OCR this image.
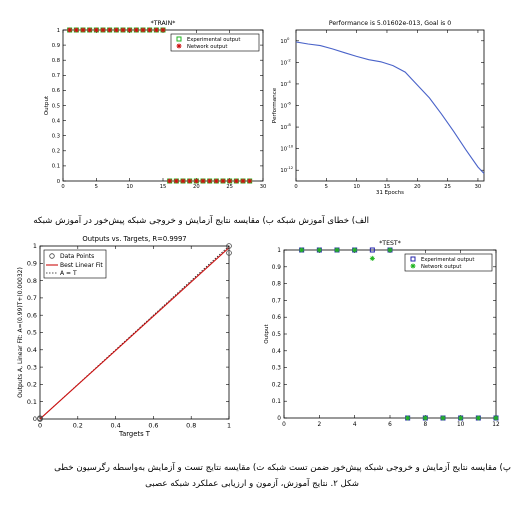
0	5	10	15	20	25	30
0
0.1
0.2
0.3
0.4
0.5
0.6
0.7
0.8
0.9
1
*TRAIN*
Output
Experimental output
Network output
0	5	10	15	20	25	30
10
0
10
-2
10
-4
10
-6
10
-8
10
-10
10
-12
Performance is 5.01602e-013, Goal is 0
Performance
31 Epochs
0	0.2	0.4	0.6	0.8	1
0
0.1
0.2
0.3
0.4
0.5
0.6
0.7
0.8
0.9
1
Outputs vs. Targets, R=0.9997
Targets T
Outputs A, Linear Fit: A=(0.99)T+(0.00032)
Data Points
Best Linear Fit
A = T
0	2	4	6	8	10	12
0
0.1
0.2
0.3
0.4
0.5
0.6
0.7
0.8
0.9
1
*TEST*
Output
Experimental output
Network output
الف) خطای آموزش شبکه ب) مقایسه نتایج آزمایش و خروجی شبکه پیش‌خور در آموزش شبکه
پ) مقایسه نتایج آزمایش و خروجی شبکه پیش‌خور ضمن تست شبکه ت) مقایسه نتایج تست و آزمایش به‌واسطه رگرسیون خطی
شکل ۲. نتایج آموزش، آزمون و ارزیابی عملکرد شبکه عصبی
